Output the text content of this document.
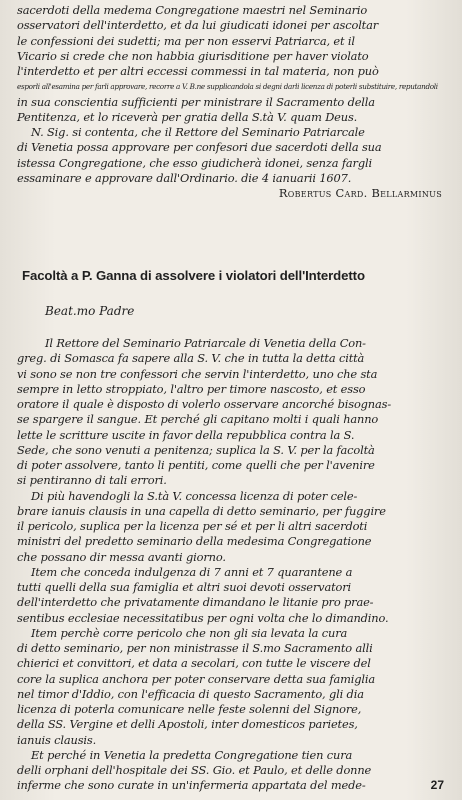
sacerdoti della medema Congregatione maestri nel Seminario
osservatori dell'interdetto, et da lui giudicati idonei per ascoltar
le confessioni dei sudetti; ma per non esservi Patriarca, et il
Vicario si crede che non habbia giurisditione per haver violato
l'interdetto et per altri eccessi commessi in tal materia, non può
esporli all'esamina per farli approvare, recorre a V. B.ne supplicandola si degni darli licenza di poterli substituire, reputandoli
in sua conscientia sufficienti per ministrare il Sacramento della
Pentitenza, et lo riceverà per gratia della S.tà V. quam Deus.
N. Sig. si contenta, che il Rettore del Seminario Patriarcale
di Venetia possa approvare per confesori due sacerdoti della sua
istessa Congregatione, che esso giudicherà idonei, senza fargli
essaminare e approvare dall'Ordinario. die 4 ianuarii 1607.
Robertus Card. Bellarminus
Facoltà a P. Ganna di assolvere i violatori dell'Interdetto
Beat.mo Padre
Il Rettore del Seminario Patriarcale di Venetia della Con-
greg. di Somasca fa sapere alla S. V. che in tutta la detta città
vi sono se non tre confessori che servin l'interdetto, uno che sta
sempre in letto stroppiato, l'altro per timore nascosto, et esso
oratore il quale è disposto di volerlo osservare ancorché bisognas-
se spargere il sangue. Et perché gli capitano molti i quali hanno
lette le scritture uscite in favor della repubblica contra la S.
Sede, che sono venuti a penitenza; suplica la S. V. per la facoltà
di poter assolvere, tanto li pentiti, come quelli che per l'avenire
si pentiranno di tali errori.
Di più havendogli la S.tà V. concessa licenza di poter cele-
brare ianuis clausis in una capella di detto seminario, per fuggire
il pericolo, suplica per la licenza per sé et per li altri sacerdoti
ministri del predetto seminario della medesima Congregatione
che possano dir messa avanti giorno.
Item che conceda indulgenza di 7 anni et 7 quarantene a
tutti quelli della sua famiglia et altri suoi devoti osservatori
dell'interdetto che privatamente dimandano le litanie pro prae-
sentibus ecclesiae necessitatibus per ogni volta che lo dimandino.
Item perchè corre pericolo che non gli sia levata la cura
di detto seminario, per non ministrasse il S.mo Sacramento alli
chierici et convittori, et data a secolari, con tutte le viscere del
core la suplica anchora per poter conservare detta sua famiglia
nel timor d'Iddio, con l'efficacia di questo Sacramento, gli dia
licenza di poterla comunicare nelle feste solenni del Signore,
della SS. Vergine et delli Apostoli, inter domesticos parietes,
ianuis clausis.
Et perché in Venetia la predetta Congregatione tien cura
delli orphani dell'hospitale dei SS. Gio. et Paulo, et delle donne
inferme che sono curate in un'infermeria appartata del mede-	27
